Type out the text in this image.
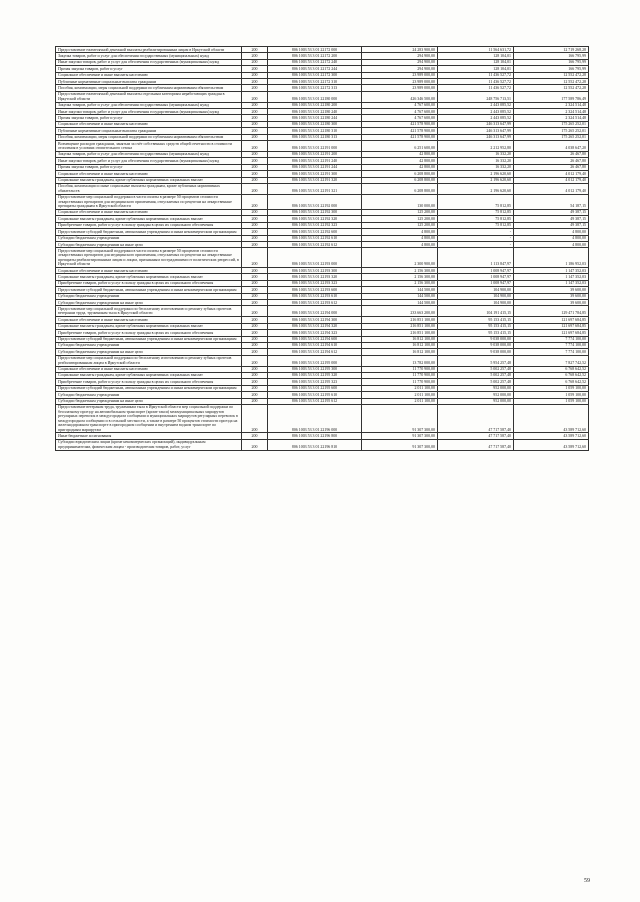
Предоставление ежемесячной денежной выплаты реабилитированным лицам в Иркутской области	200	806 1003 53 3 01 22172 000	24 283 900,00	11 564 631,72	12 719 268,28
Закупка товаров, работ и услуг для обеспечения государственных (муниципальных) нужд	200	806 1003 53 3 01 22172 200	294 900,00	128 104,01	166 795,99
Иные закупки товаров, работ и услуг для обеспечения государственных (муниципальных) нужд	200	806 1003 53 3 01 22172 240	294 900,00	128 104,01	166 795,99
Прочая закупка товаров, работ и услуг	200	806 1003 53 3 01 22172 244	294 900,00	128 104,01	166 795,99
Социальное обеспечение и иные выплаты населению	200	806 1003 53 3 01 22172 300	23 989 000,00	11 436 527,72	12 552 472,28
Публичные нормативные социальные выплаты гражданам	200	806 1003 53 3 01 22172 310	23 989 000,00	11 436 527,72	12 552 472,28
Пособия, компенсации, меры социальной поддержки по публичным нормативным обязательствам	200	806 1003 53 3 01 22172 313	23 989 000,00	11 436 527,72	12 552 472,28
Предоставление ежемесячной денежной выплаты отдельным категориям неработающих граждан в Иркутской области	200	806 1003 53 3 01 22180 000	426 346 500,00	248 756 713,51	177 589 786,49
Закупка товаров, работ и услуг для обеспечения государственных (муниципальных) нужд	200	806 1003 53 3 01 22180 200	4 767 600,00	2 443 085,52	2 324 514,48
Иные закупки товаров, работ и услуг для обеспечения государственных (муниципальных) нужд	200	806 1003 53 3 01 22180 240	4 767 600,00	2 443 085,52	2 324 514,48
Прочая закупка товаров, работ и услуг	200	806 1003 53 3 01 22180 244	4 767 600,00	2 443 085,52	2 324 514,48
Социальное обеспечение и иные выплаты населению	200	806 1003 53 3 01 22180 300	421 578 900,00	246 313 647,99	175 265 252,01
Публичные нормативные социальные выплаты гражданам	200	806 1003 53 3 01 22180 310	421 578 900,00	246 313 647,99	175 265 252,01
Пособия, компенсации, меры социальной поддержки по публичным нормативным обязательствам	200	806 1003 53 3 01 22180 313	421 578 900,00	246 313 647,99	175 265 252,01
Возмещение расходов гражданам, занятым за счёт собственных средств общей отчетности в стоимости отопления в условиях отопительного сезона	200	806 1003 53 3 01 22191 000	6 251 600,00	2 212 952,80	4 038 647,20
Закупка товаров, работ и услуг для обеспечения государственных (муниципальных) нужд	200	806 1003 53 3 01 22191 200	42 800,00	16 332,20	26 467,80
Иные закупки товаров, работ и услуг для обеспечения государственных (муниципальных) нужд	200	806 1003 53 3 01 22191 240	42 800,00	16 332,20	26 467,80
Прочая закупка товаров, работ и услуг	200	806 1003 53 3 01 22191 244	42 800,00	16 332,20	26 467,80
Социальное обеспечение и иные выплаты населению	200	806 1003 53 3 01 22191 300	6 208 800,00	2 196 620,60	4 012 179,40
Социальные выплаты гражданам, кроме публичных нормативных социальных выплат	200	806 1003 53 3 01 22191 320	6 208 800,00	2 196 620,60	4 012 179,40
Пособия, компенсации и иные социальные выплаты гражданам, кроме публичных нормативных обязательств	200	806 1003 53 3 01 22191 321	6 208 800,00	2 196 620,60	4 012 179,40
Предоставление мер социальной поддержки в части оплаты в размере 50 процентов стоимости лекарственных препаратов для медицинского применения, отпускаемых по рецептам на лекарственные препараты гражданам в Иркутской области	200	806 1003 53 3 01 22192 000	130 000,00	75 812,85	54 187,15
Социальное обеспечение и иные выплаты населению	200	806 1003 53 3 01 22192 300	125 200,00	75 812,85	49 387,15
Социальные выплаты гражданам, кроме публичных нормативных социальных выплат	200	806 1003 53 3 01 22192 320	125 200,00	75 812,85	49 387,15
Приобретение товаров, работ и услуг в пользу граждан в целях их социального обеспечения	200	806 1003 53 3 01 22192 323	125 200,00	75 812,85	49 387,15
Предоставление субсидий бюджетным, автономным учреждениям и иным некоммерческим организациям	200	806 1003 53 3 01 22192 600	4 800,00	-	4 800,00
Субсидии бюджетным учреждениям	200	806 1003 53 3 01 22192 610	4 800,00	-	4 800,00
Субсидии бюджетным учреждениям на иные цели	200	806 1003 53 3 01 22192 612	4 800,00	-	4 800,00
Предоставление мер социальной поддержки в части оплаты в размере 50 процентов стоимости лекарственных препаратов для медицинского применения, отпускаемых по рецептам на лекарственные препараты реабилитированным лицам и лицам, признанным пострадавшими от политических репрессий, в Иркутской области	200	806 1003 53 3 01 22193 000	2 300 900,00	1 113 847,97	1 186 952,03
Социальное обеспечение и иные выплаты населению	200	806 1003 53 3 01 22193 300	2 156 300,00	1 008 947,97	1 147 352,03
Социальные выплаты гражданам, кроме публичных нормативных социальных выплат	200	806 1003 53 3 01 22193 320	2 156 300,00	1 008 947,97	1 147 352,03
Приобретение товаров, работ и услуг в пользу граждан в целях их социального обеспечения	200	806 1003 53 3 01 22193 323	2 156 300,00	1 008 947,97	1 147 352,03
Предоставление субсидий бюджетным, автономным учреждениям и иным некоммерческим организациям	200	806 1003 53 3 01 22193 600	144 500,00	104 900,00	39 600,00
Субсидии бюджетным учреждениям	200	806 1003 53 3 01 22193 610	144 500,00	104 900,00	39 600,00
Субсидии бюджетным учреждениям на иные цели	200	806 1003 53 3 01 22193 612	144 500,00	104 900,00	39 600,00
Предоставление мер социальной поддержки по бесплатному изготовлению и ремонту зубных протезов ветеранам труда, труженикам тыла в Иркутской области	200	806 1003 53 3 01 22194 000	233 663 200,00	104 191 415,15	129 471 784,85
Социальное обеспечение и иные выплаты населению	200	806 1003 53 3 01 22194 300	216 851 100,00	95 153 415,15	121 697 684,85
Социальные выплаты гражданам, кроме публичных нормативных социальных выплат	200	806 1003 53 3 01 22194 320	216 851 100,00	95 153 415,15	121 697 684,85
Приобретение товаров, работ и услуг в пользу граждан в целях их социального обеспечения	200	806 1003 53 3 01 22194 323	216 851 100,00	95 153 415,15	121 697 684,85
Предоставление субсидий бюджетным, автономным учреждениям и иным некоммерческим организациям	200	806 1003 53 3 01 22194 600	16 812 100,00	9 038 000,00	7 774 100,00
Субсидии бюджетным учреждениям	200	806 1003 53 3 01 22194 610	16 812 100,00	9 038 000,00	7 774 100,00
Субсидии бюджетным учреждениям на иные цели	200	806 1003 53 3 01 22194 612	16 812 100,00	9 038 000,00	7 774 100,00
Предоставление мер социальной поддержки по бесплатному изготовлению и ремонту зубных протезов реабилитированным лицам в Иркутской области	200	806 1003 53 3 01 22195 000	13 782 000,00	5 954 257,48	7 827 742,52
Социальное обеспечение и иные выплаты населению	200	806 1003 53 3 01 22195 300	11 770 900,00	5 002 257,48	6 768 642,52
Социальные выплаты гражданам, кроме публичных нормативных социальных выплат	200	806 1003 53 3 01 22195 320	11 770 900,00	5 002 257,48	6 768 642,52
Приобретение товаров, работ и услуг в пользу граждан в целях их социального обеспечения	200	806 1003 53 3 01 22195 323	11 770 900,00	5 002 257,48	6 768 642,52
Предоставление субсидий бюджетным, автономным учреждениям и иным некоммерческим организациям	200	806 1003 53 3 01 22195 600	2 011 100,00	952 000,00	1 059 100,00
Субсидии бюджетным учреждениям	200	806 1003 53 3 01 22195 610	2 011 100,00	952 000,00	1 059 100,00
Субсидии бюджетным учреждениям на иные цели	200	806 1003 53 3 01 22195 612	2 011 100,00	952 000,00	1 059 100,00
Предоставление ветеранам труда, труженикам тыла в Иркутской области мер социальной поддержки по бесплатному проезду на автомобильном транспорте (кроме такси) межмуниципальных маршрутов регулярных перевозок в междугородном сообщении и муниципальных маршрутов регулярных перевозок в междугородном сообщении и в сельской местности, а также в размере 50 процентов стоимости проезда на железнодорожном транспорте в пригородном сообщении и внутреннем водном транспорте по пригородным маршрутам	200	806 1003 53 3 01 22196 000	91 307 300,00	47 717 587,40	43 589 712,60
Иные бюджетные ассигнования	200	806 1003 53 3 01 22196 800	91 307 300,00	47 717 587,40	43 589 712,60
Субсидии юридическим лицам (кроме некоммерческих организаций), индивидуальным предпринимателям, физическим лицам - производителям товаров, работ, услуг	200	806 1003 53 3 01 22196 810	91 307 300,00	47 717 587,40	43 589 712,60
59
